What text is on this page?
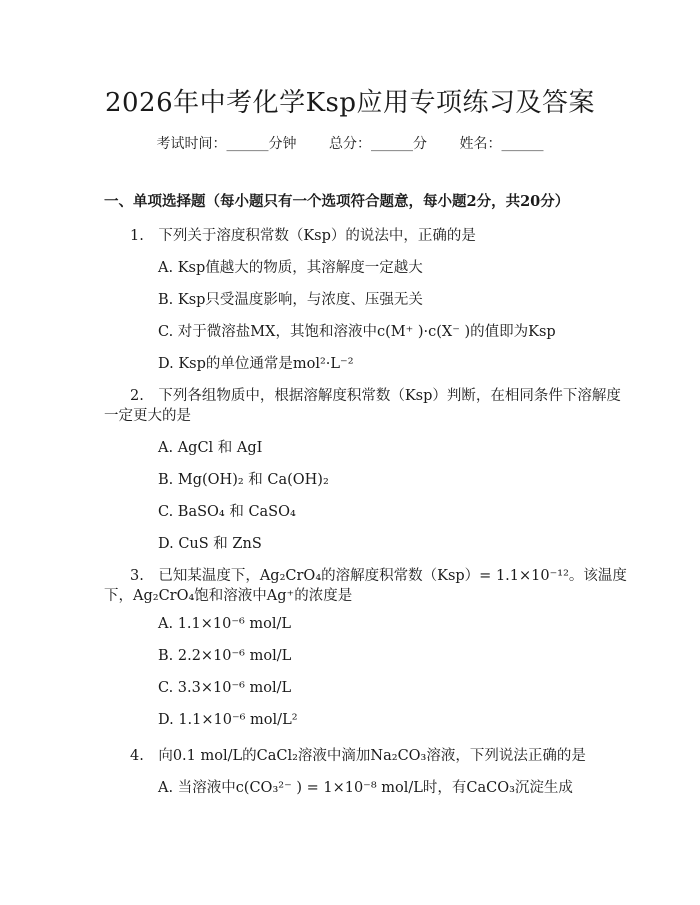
2026年中考化学Ksp应用专项练习及答案
考试时间：______分钟 总分：______分 姓名：______
一、单项选择题（每小题只有一个选项符合题意，每小题2分，共20分）
1.　下列关于溶度积常数（Ksp）的说法中，正确的是
A. Ksp值越大的物质，其溶解度一定越大
B. Ksp只受温度影响，与浓度、压强无关
C. 对于微溶盐MX，其饱和溶液中c(M⁺ )·c(X⁻ )的值即为Ksp
D. Ksp的单位通常是mol²·L⁻²
2.　下列各组物质中，根据溶解度积常数（Ksp）判断，在相同条件下溶解度
一定更大的是
A. AgCl 和 AgI
B. Mg(OH)₂ 和 Ca(OH)₂
C. BaSO₄ 和 CaSO₄
D. CuS 和 ZnS
3.　已知某温度下，Ag₂CrO₄的溶解度积常数（Ksp）= 1.1×10⁻¹²。该温度
下，Ag₂CrO₄饱和溶液中Ag⁺的浓度是
A. 1.1×10⁻⁶ mol/L
B. 2.2×10⁻⁶ mol/L
C. 3.3×10⁻⁶ mol/L
D. 1.1×10⁻⁶ mol/L²
4.　向0.1 mol/L的CaCl₂溶液中滴加Na₂CO₃溶液，下列说法正确的是
A. 当溶液中c(CO₃²⁻ ) = 1×10⁻⁸ mol/L时，有CaCO₃沉淀生成
